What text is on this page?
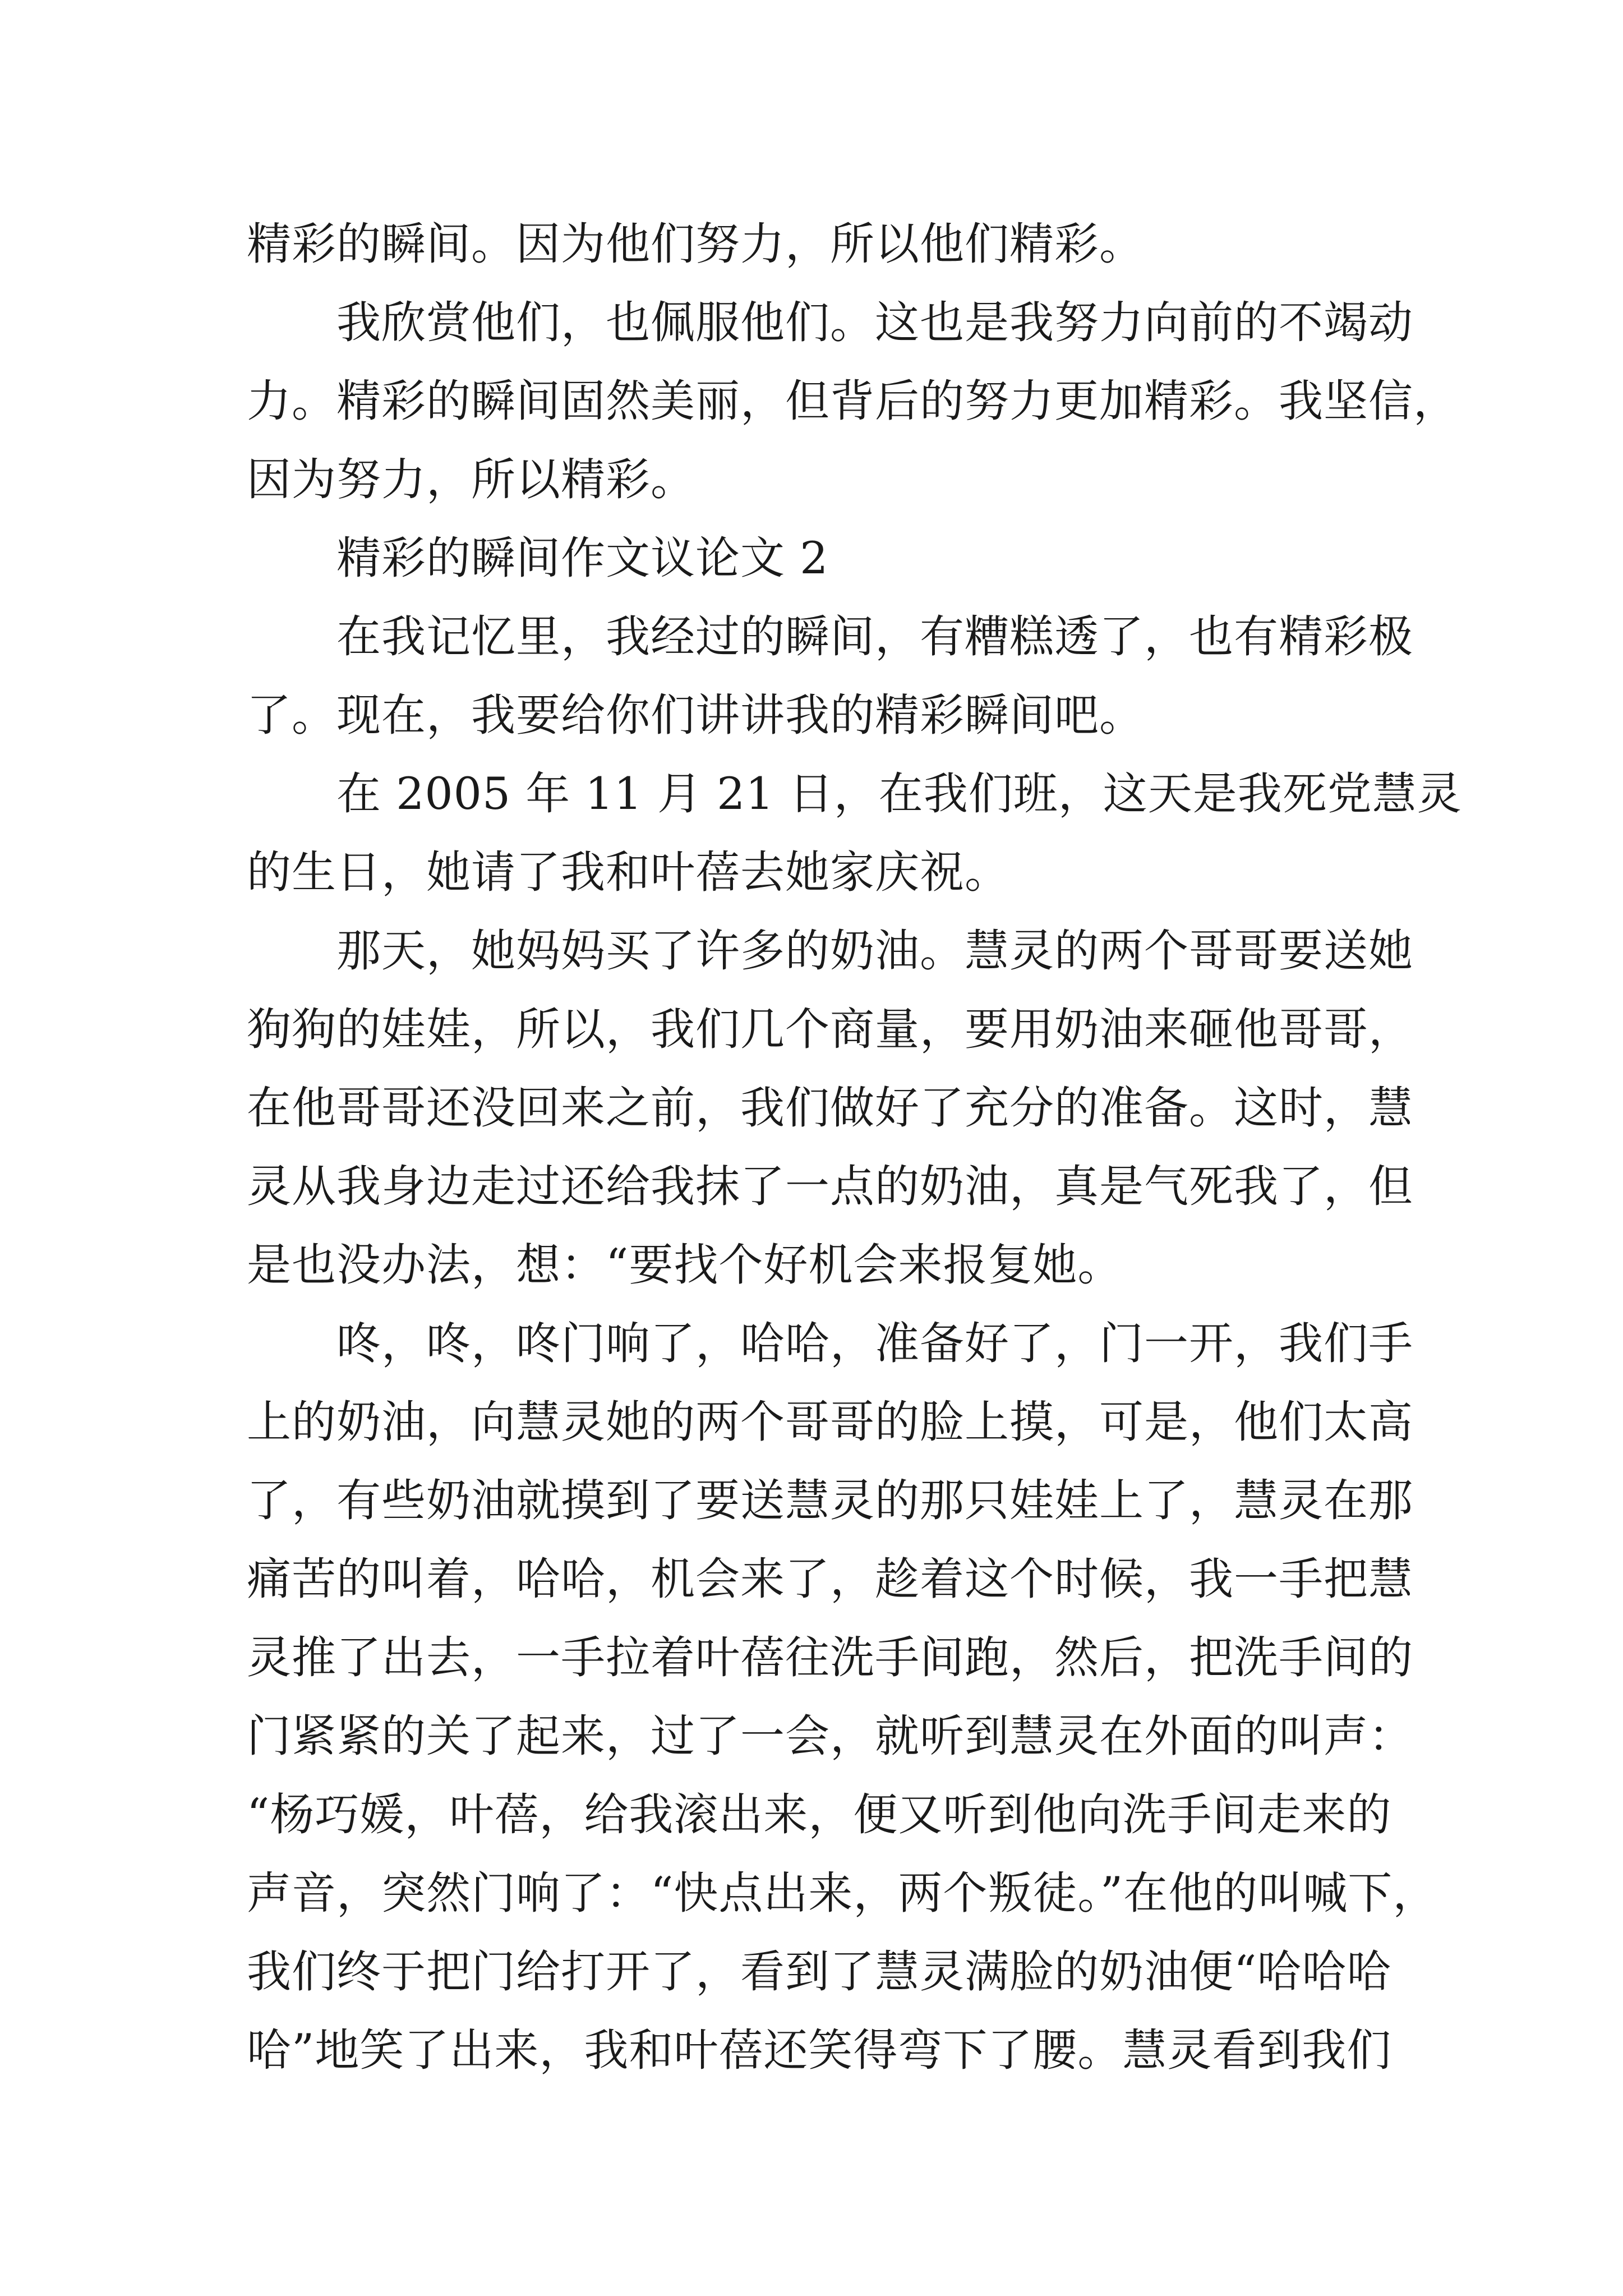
精彩的瞬间。因为他们努力，所以他们精彩。
我欣赏他们，也佩服他们。这也是我努力向前的不竭动
力。精彩的瞬间固然美丽，但背后的努力更加精彩。我坚信，
因为努力，所以精彩。
精彩的瞬间作文议论文 2
在我记忆里，我经过的瞬间，有糟糕透了，也有精彩极
了。现在，我要给你们讲讲我的精彩瞬间吧。
在 2005 年 11 月 21 日，在我们班，这天是我死党慧灵
的生日，她请了我和叶蓓去她家庆祝。
那天，她妈妈买了许多的奶油。慧灵的两个哥哥要送她
狗狗的娃娃，所以，我们几个商量，要用奶油来砸他哥哥，
在他哥哥还没回来之前，我们做好了充分的准备。这时，慧
灵从我身边走过还给我抹了一点的奶油，真是气死我了，但
是也没办法，想：“要找个好机会来报复她。
咚，咚，咚门响了，哈哈，准备好了，门一开，我们手
上的奶油，向慧灵她的两个哥哥的脸上摸，可是，他们太高
了，有些奶油就摸到了要送慧灵的那只娃娃上了，慧灵在那
痛苦的叫着，哈哈，机会来了，趁着这个时候，我一手把慧
灵推了出去，一手拉着叶蓓往洗手间跑，然后，把洗手间的
门紧紧的关了起来，过了一会，就听到慧灵在外面的叫声：
“杨巧媛，叶蓓，给我滚出来，便又听到他向洗手间走来的
声音，突然门响了：“快点出来，两个叛徒。”在他的叫喊下，
我们终于把门给打开了，看到了慧灵满脸的奶油便“哈哈哈
哈”地笑了出来，我和叶蓓还笑得弯下了腰。慧灵看到我们
